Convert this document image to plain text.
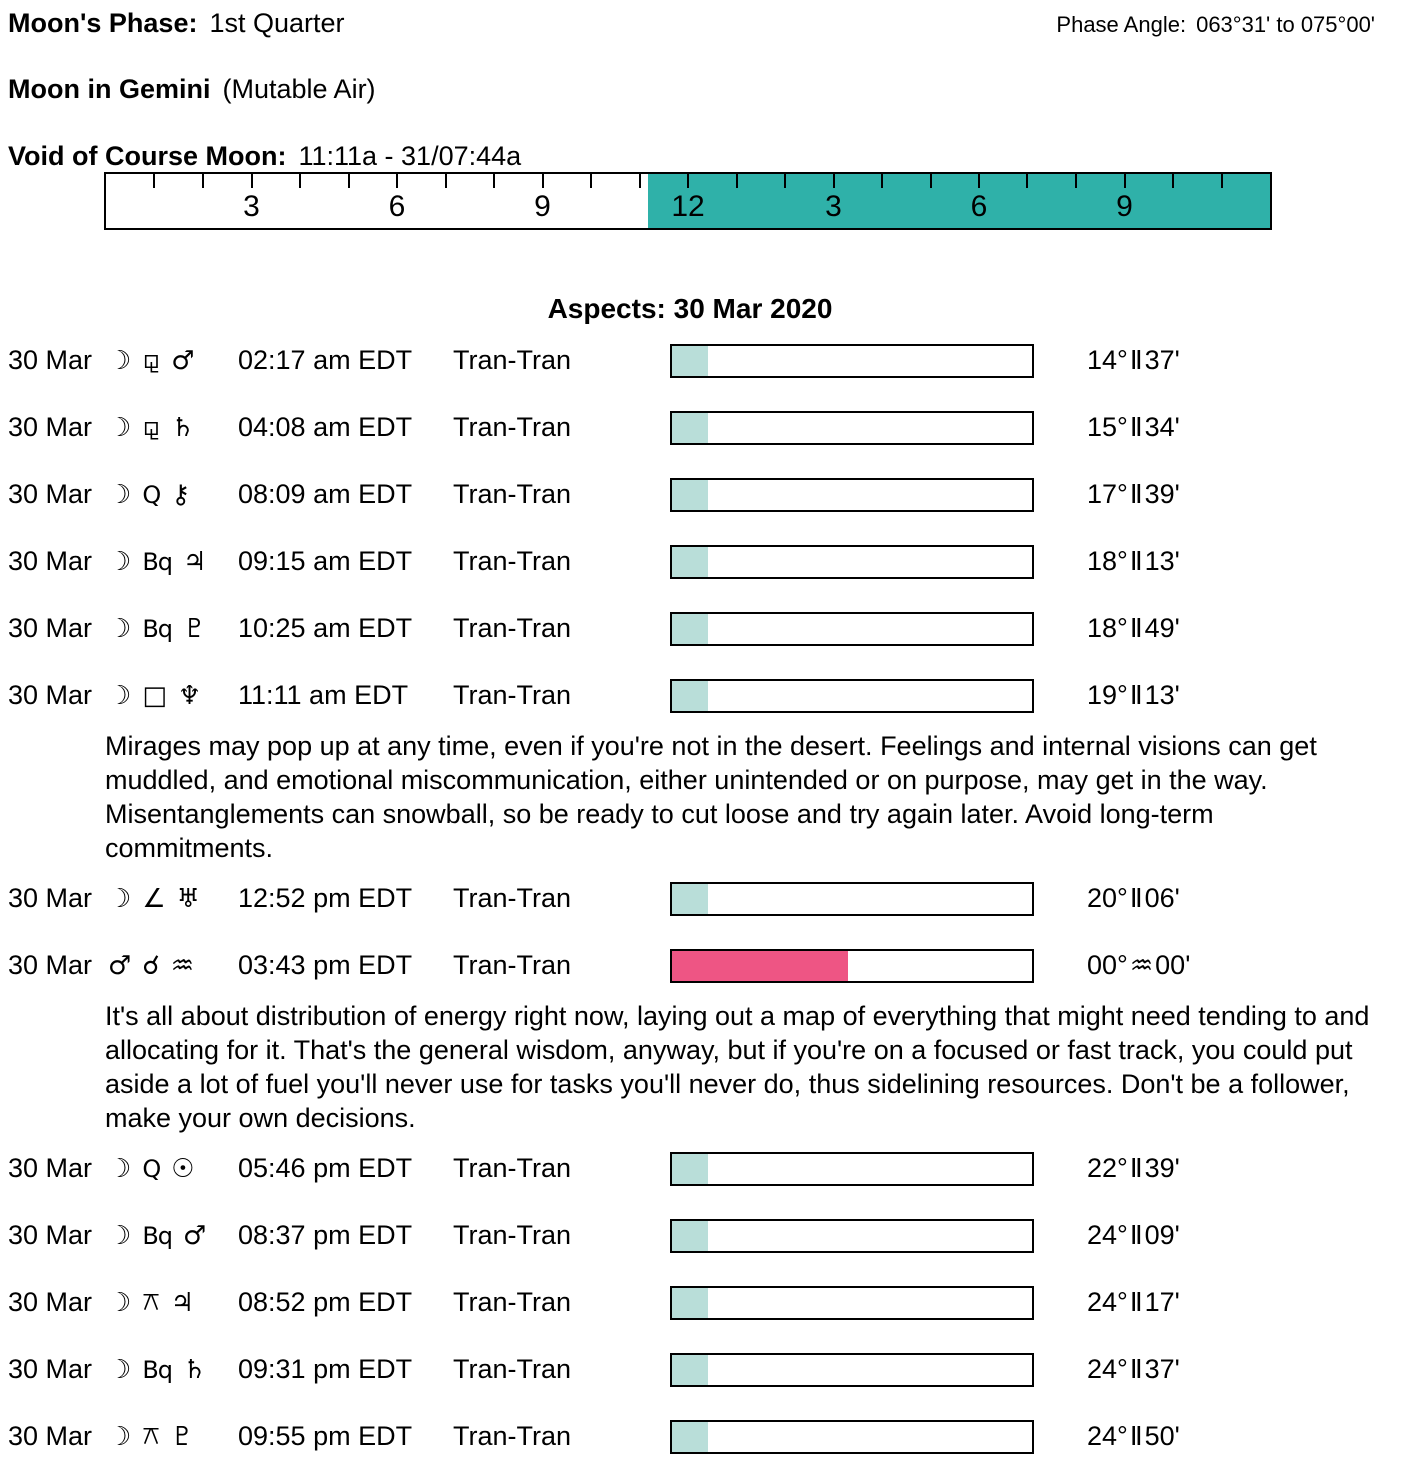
Moon's Phase: 1st Quarter	Phase Angle: 063°31' to 075°00'
Moon in Gemini (Mutable Air)
Void of Course Moon: 11:11a - 31/07:44a
3	6	9	12	3	6	9
Aspects: 30 Mar 2020
30 Mar ☽ ⚼ ♂ 02:17 am EDT	Tran-Tran	14°Ⅱ37'
30 Mar ☽ ⚼ ♄ 04:08 am EDT	Tran-Tran	15°Ⅱ34'
30 Mar ☽ Q ⚷ 08:09 am EDT	Tran-Tran	17°Ⅱ39'
30 Mar ☽ Bq ♃ 09:15 am EDT	Tran-Tran	18°Ⅱ13'
30 Mar ☽ Bq ♇ 10:25 am EDT	Tran-Tran	18°Ⅱ49'
30 Mar ☽ □ ♆ 11:11 am EDT	Tran-Tran	19°Ⅱ13'
Mirages may pop up at any time, even if you're not in the desert. Feelings and internal visions can get muddled, and emotional miscommunication, either unintended or on purpose, may get in the way. Misentanglements can snowball, so be ready to cut loose and try again later. Avoid long-term commitments.
30 Mar ☽ ∠ ♅ 12:52 pm EDT	Tran-Tran	20°Ⅱ06'
30 Mar ♂ ☌ ♒ 03:43 pm EDT	Tran-Tran	00°♒00'
It's all about distribution of energy right now, laying out a map of everything that might need tending to and allocating for it. That's the general wisdom, anyway, but if you're on a focused or fast track, you could put aside a lot of fuel you'll never use for tasks you'll never do, thus sidelining resources. Don't be a follower, make your own decisions.
30 Mar ☽ Q ☉ 05:46 pm EDT	Tran-Tran	22°Ⅱ39'
30 Mar ☽ Bq ♂ 08:37 pm EDT	Tran-Tran	24°Ⅱ09'
30 Mar ☽ ⚻ ♃ 08:52 pm EDT	Tran-Tran	24°Ⅱ17'
30 Mar ☽ Bq ♄ 09:31 pm EDT	Tran-Tran	24°Ⅱ37'
30 Mar ☽ ⚻ ♇ 09:55 pm EDT	Tran-Tran	24°Ⅱ50'
